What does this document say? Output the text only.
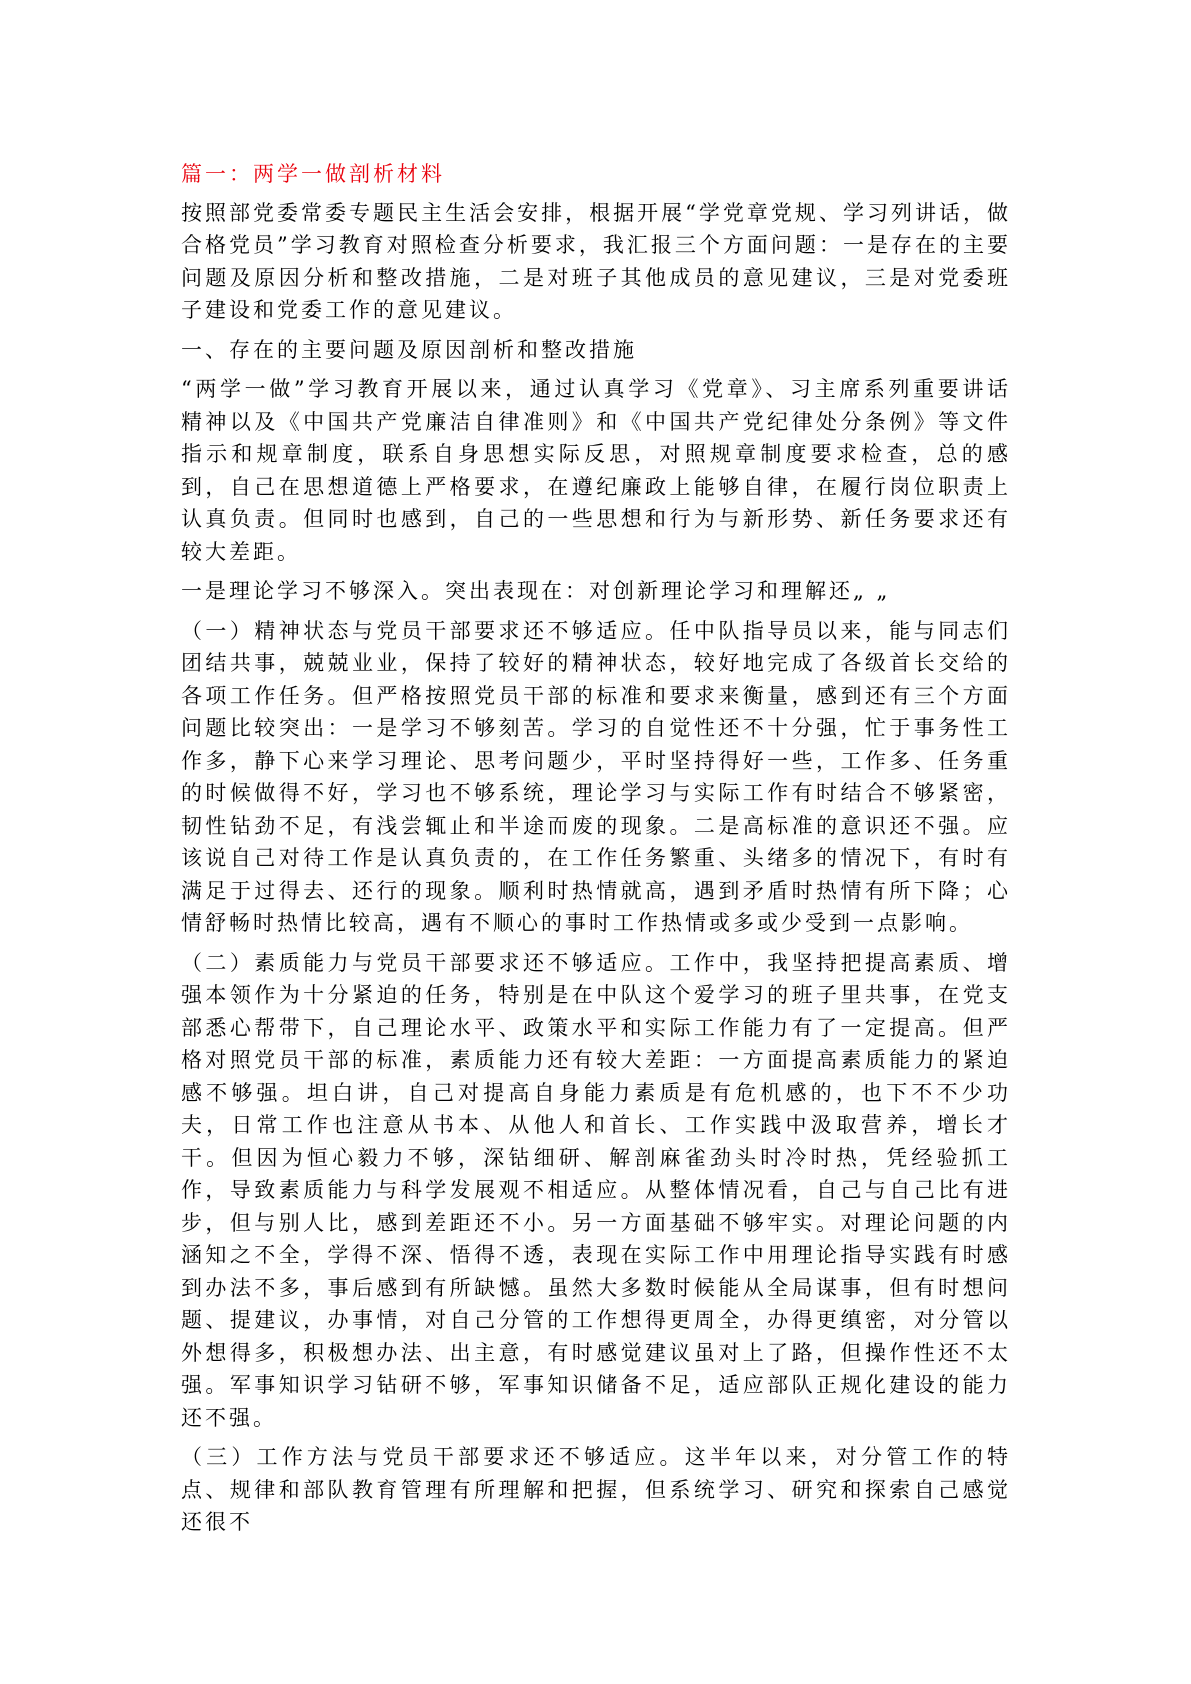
篇一：两学一做剖析材料

按照部党委常委专题民主生活会安排，根据开展“学党章党规、学习列讲话，做合格党员”学习教育对照检查分析要求，我汇报三个方面问题：一是存在的主要问题及原因分析和整改措施，二是对班子其他成员的意见建议，三是对党委班子建设和党委工作的意见建议。

一、存在的主要问题及原因剖析和整改措施

“两学一做”学习教育开展以来，通过认真学习《党章》、习主席系列重要讲话精神以及《中国共产党廉洁自律准则》和《中国共产党纪律处分条例》等文件指示和规章制度，联系自身思想实际反思，对照规章制度要求检查，总的感到，自己在思想道德上严格要求，在遵纪廉政上能够自律，在履行岗位职责上认真负责。但同时也感到，自己的一些思想和行为与新形势、新任务要求还有较大差距。

一是理论学习不够深入。突出表现在：对创新理论学习和理解还„ „

（一）精神状态与党员干部要求还不够适应。任中队指导员以来，能与同志们团结共事，兢兢业业，保持了较好的精神状态，较好地完成了各级首长交给的各项工作任务。但严格按照党员干部的标准和要求来衡量，感到还有三个方面问题比较突出：一是学习不够刻苦。学习的自觉性还不十分强，忙于事务性工作多，静下心来学习理论、思考问题少，平时坚持得好一些，工作多、任务重的时候做得不好，学习也不够系统，理论学习与实际工作有时结合不够紧密，韧性钻劲不足，有浅尝辄止和半途而废的现象。二是高标准的意识还不强。应该说自己对待工作是认真负责的，在工作任务繁重、头绪多的情况下，有时有满足于过得去、还行的现象。顺利时热情就高，遇到矛盾时热情有所下降；心情舒畅时热情比较高，遇有不顺心的事时工作热情或多或少受到一点影响。

（二）素质能力与党员干部要求还不够适应。工作中，我坚持把提高素质、增强本领作为十分紧迫的任务，特别是在中队这个爱学习的班子里共事，在党支部悉心帮带下，自己理论水平、政策水平和实际工作能力有了一定提高。但严格对照党员干部的标准，素质能力还有较大差距：一方面提高素质能力的紧迫感不够强。坦白讲，自己对提高自身能力素质是有危机感的，也下不不少功夫，日常工作也注意从书本、从他人和首长、工作实践中汲取营养，增长才干。但因为恒心毅力不够，深钻细研、解剖麻雀劲头时冷时热，凭经验抓工作，导致素质能力与科学发展观不相适应。从整体情况看，自己与自己比有进步，但与别人比，感到差距还不小。另一方面基础不够牢实。对理论问题的内涵知之不全，学得不深、悟得不透，表现在实际工作中用理论指导实践有时感到办法不多，事后感到有所缺憾。虽然大多数时候能从全局谋事，但有时想问题、提建议，办事情，对自己分管的工作想得更周全，办得更缜密，对分管以外想得多，积极想办法、出主意，有时感觉建议虽对上了路，但操作性还不太强。军事知识学习钻研不够，军事知识储备不足，适应部队正规化建设的能力还不强。

（三）工作方法与党员干部要求还不够适应。这半年以来，对分管工作的特点、规律和部队教育管理有所理解和把握，但系统学习、研究和探索自己感觉还很不
